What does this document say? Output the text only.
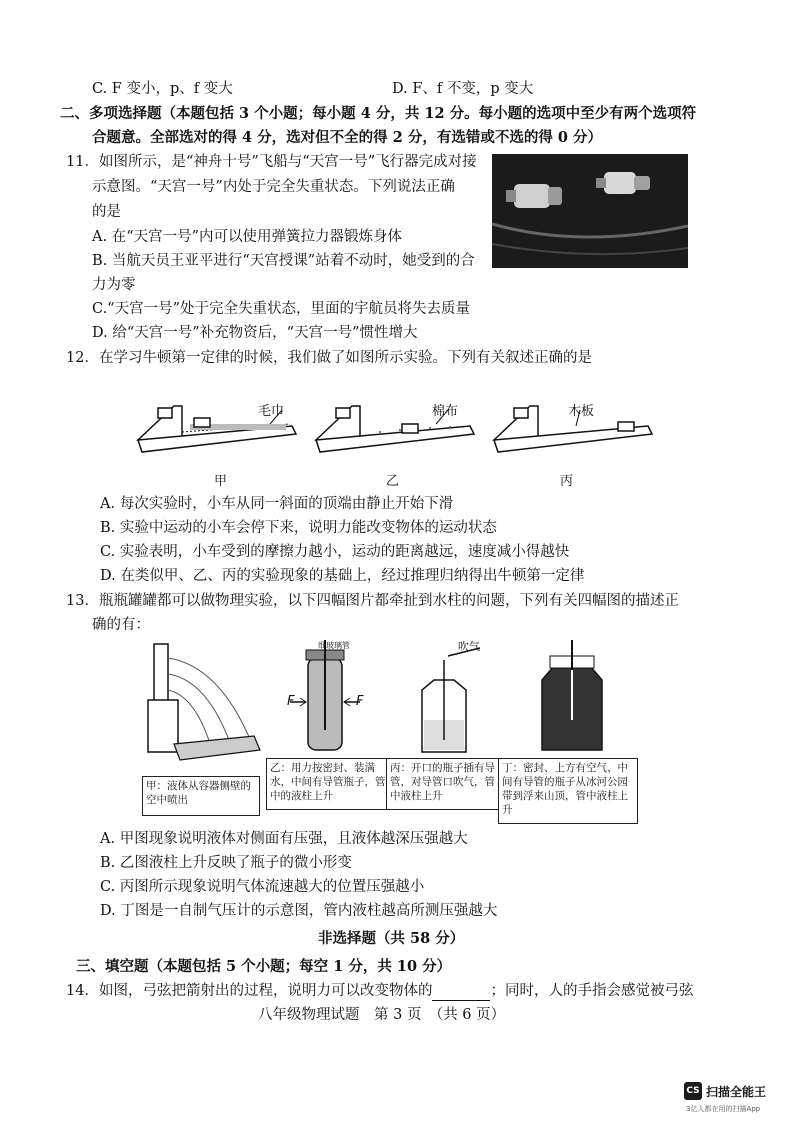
C. F 变小，p、f 变大	D. F、f 不变，p 变大
二、多项选择题（本题包括 3 个小题；每小题 4 分，共 12 分。每小题的选项中至少有两个选项符
合题意。全部选对的得 4 分，选对但不全的得 2 分，有选错或不选的得 0 分）
11．如图所示，是“神舟十号”飞船与“天宫一号”飞行器完成对接
示意图。“天宫一号”内处于完全失重状态。下列说法正确
的是
A. 在“天宫一号”内可以使用弹簧拉力器锻炼身体
B. 当航天员王亚平进行“天宫授课”站着不动时，她受到的合
力为零
C.“天宫一号”处于完全失重状态，里面的宇航员将失去质量
D. 给“天宫一号”补充物资后，“天宫一号”惯性增大
12．在学习牛顿第一定律的时候，我们做了如图所示实验。下列有关叙述正确的是
毛巾	棉布	木板
甲	乙	丙
A. 每次实验时，小车从同一斜面的顶端由静止开始下滑
B. 实验中运动的小车会停下来，说明力能改变物体的运动状态
C. 实验表明，小车受到的摩擦力越小，运动的距离越远，速度减小得越快
D. 在类似甲、乙、丙的实验现象的基础上，经过推理归纳得出牛顿第一定律
13．瓶瓶罐罐都可以做物理实验，以下四幅图片都牵扯到水柱的问题，下列有关四幅图的描述正
确的有：
细玻璃管
F	F
吹气
甲：液体从容器侧壁的空中喷出
乙：用力按密封、装满水，中间有导管瓶子，管中的液柱上升
丙：开口的瓶子插有导管，对导管口吹气，管中液柱上升
丁：密封、上方有空气、中间有导管的瓶子从冰河公园带到浮来山顶，管中液柱上升
A. 甲图现象说明液体对侧面有压强，且液体越深压强越大
B. 乙图液柱上升反映了瓶子的微小形变
C. 丙图所示现象说明气体流速越大的位置压强越小
D. 丁图是一自制气压计的示意图，管内液柱越高所测压强越大
非选择题（共 58 分）
三、填空题（本题包括 5 个小题；每空 1 分，共 10 分）
14．如图，弓弦把箭射出的过程，说明力可以改变物体的	；同时，人的手指会感觉被弓弦
八年级物理试题　第 3 页　（共 6 页）
CS 扫描全能王
3亿人都在用的扫描App
